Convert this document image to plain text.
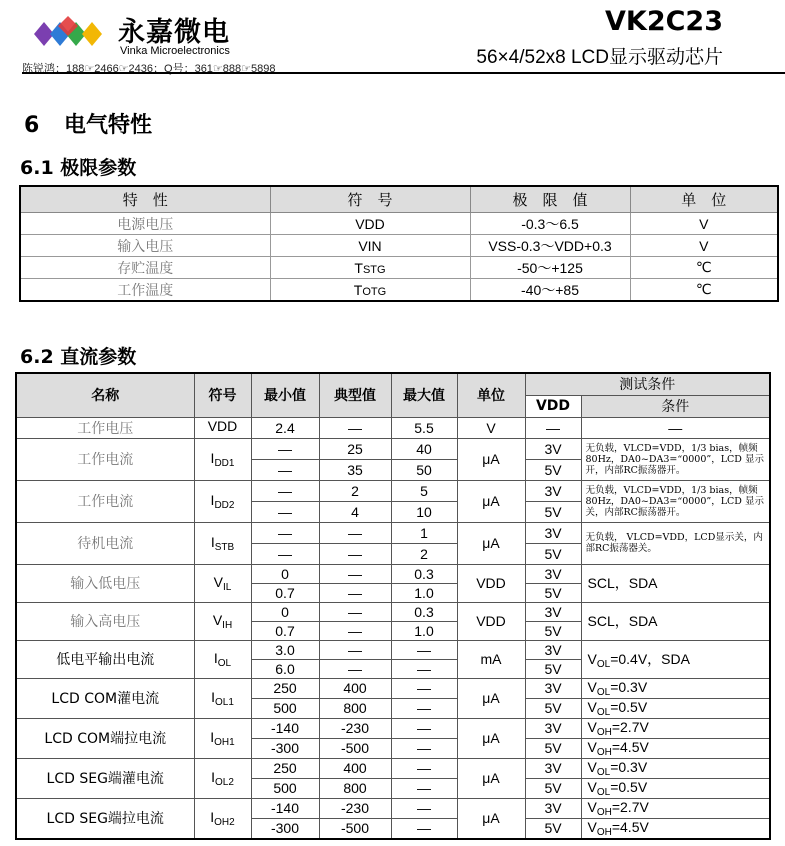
永嘉微电
Vinka Microelectronics
陈锐鸿：188☞2466☞2436；Q号：361☞888☞5898
VK2C23
56×4/52x8 LCD显示驱动芯片
6 电气特性
6.1 极限参数
6.2 直流参数
特　性	符　号	极　限　值	单　位
电源电压	VDD	-0.3～6.5	V
输入电压	VIN	VSS-0.3～VDD+0.3	V
存贮温度	TSTG	-50～+125	℃
工作温度	TOTG	-40～+85	℃
名称	符号	最小值	典型值	最大值	单位	测试条件	
						VDD	条件
工作电压	VDD	2.4	—	5.5	V	—	—
工作电流	$I_{DD1}$	—	25	40	μA	3V	无负载，VLCD=VDD，1/3 bias，帧频80Hz，DA0~DA3=“0000”，LCD 显示开，内部RC振荡器开。
		—	35	50		5V	
工作电流	$I_{DD2}$	—	2	5	μA	3V	无负载，VLCD=VDD，1/3 bias，帧频80Hz，DA0~DA3=“0000”，LCD 显示关，内部RC振荡器开。
		—	4	10		5V	
待机电流	$I_{STB}$	—	—	1	μA	3V	无负载， VLCD=VDD，LCD显示关，内部RC振荡器关。
		—	—	2		5V	
输入低电压	$V_{IL}$	0	—	0.3	VDD	3V	SCL，SDA
		0.7	—	1.0		5V	
输入高电压	$V_{IH}$	0	—	0.3	VDD	3V	SCL，SDA
		0.7	—	1.0		5V	
低电平输出电流	$I_{OL}$	3.0	—	—	mA	3V	$V_{OL}=0.4V$，SDA
		6.0	—	—		5V	
LCD COM灌电流	$I_{OL1}$	250	400	—	μA	3V	$V_{OL}=0.3V$
		500	800	—		5V	$V_{OL}=0.5V$
LCD COM端拉电流	$I_{OH1}$	-140	-230	—	μA	3V	$V_{OH}=2.7V$
		-300	-500	—		5V	$V_{OH}=4.5V$
LCD SEG端灌电流	$I_{OL2}$	250	400	—	μA	3V	$V_{OL}=0.3V$
		500	800	—		5V	$V_{OL}=0.5V$
LCD SEG端拉电流	$I_{OH2}$	-140	-230	—	μA	3V	$V_{OH}=2.7V$
		-300	-500	—		5V	$V_{OH}=4.5V$
